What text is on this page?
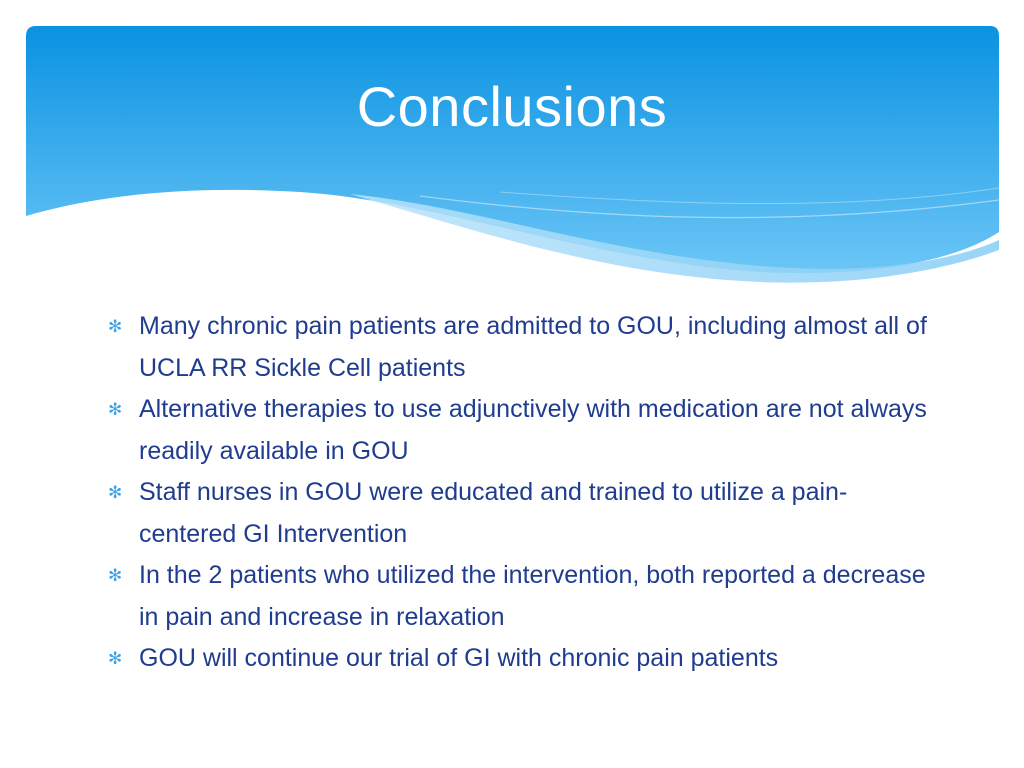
Conclusions
✻ Many chronic pain patients are admitted to GOU, including almost all of UCLA RR Sickle Cell patients
✻ Alternative therapies to use adjunctively with medication are not always readily available in GOU
✻ Staff nurses in GOU were educated and trained to utilize a pain-centered GI Intervention
✻ In the 2 patients who utilized the intervention, both reported a decrease in pain and increase in relaxation
✻ GOU will continue our trial of GI with chronic pain patients
